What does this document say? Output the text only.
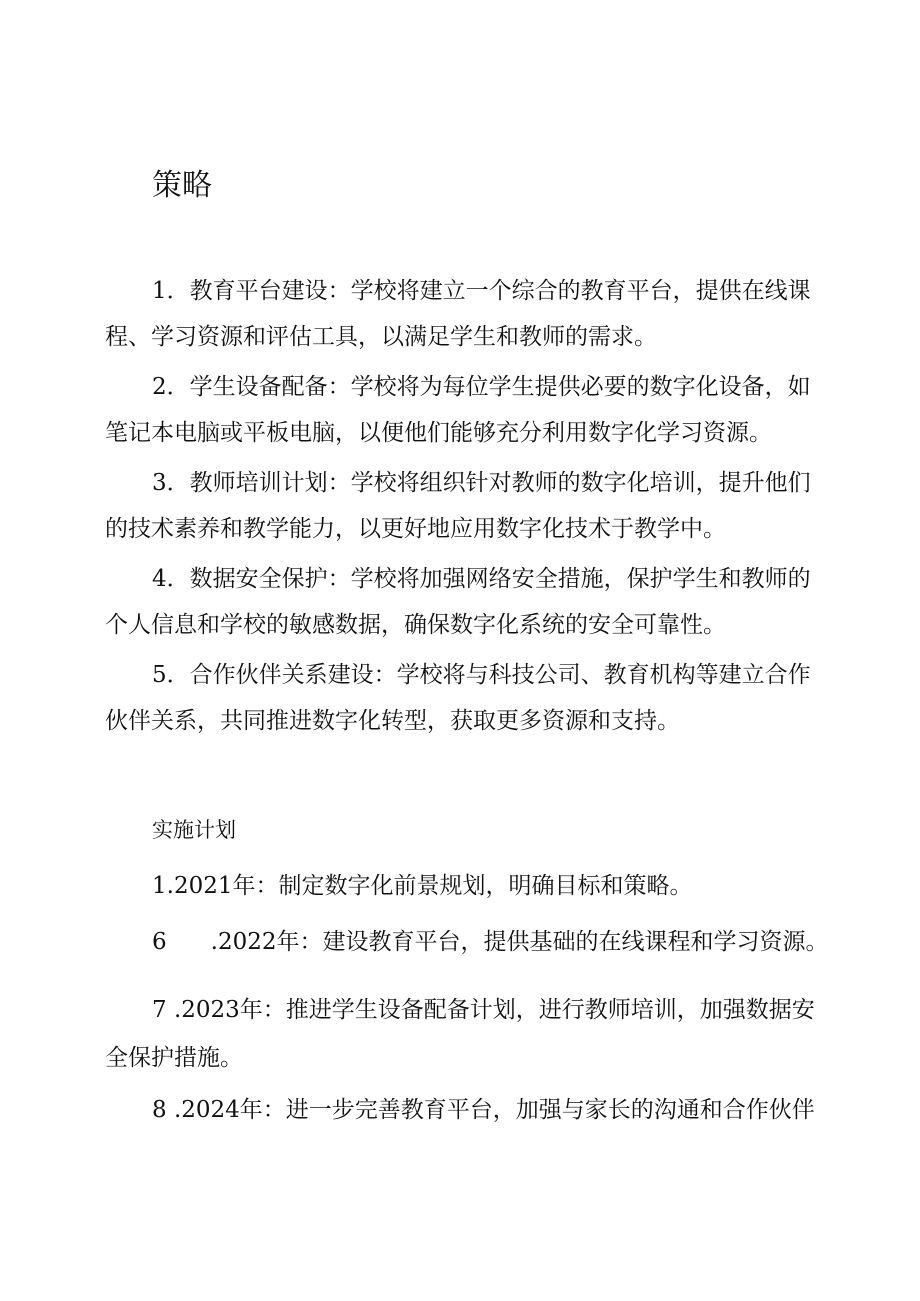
策略
1．教育平台建设：学校将建立一个综合的教育平台，提供在线课
程、学习资源和评估工具，以满足学生和教师的需求。
2．学生设备配备：学校将为每位学生提供必要的数字化设备，如
笔记本电脑或平板电脑，以便他们能够充分利用数字化学习资源。
3．教师培训计划：学校将组织针对教师的数字化培训，提升他们
的技术素养和教学能力，以更好地应用数字化技术于教学中。
4．数据安全保护：学校将加强网络安全措施，保护学生和教师的
个人信息和学校的敏感数据，确保数字化系统的安全可靠性。
5．合作伙伴关系建设：学校将与科技公司、教育机构等建立合作
伙伴关系，共同推进数字化转型，获取更多资源和支持。
实施计划
1.2021年：制定数字化前景规划，明确目标和策略。
6 .2022年：建设教育平台，提供基础的在线课程和学习资源。
7 .2023年：推进学生设备配备计划，进行教师培训，加强数据安
全保护措施。
8 .2024年：进一步完善教育平台，加强与家长的沟通和合作伙伴
